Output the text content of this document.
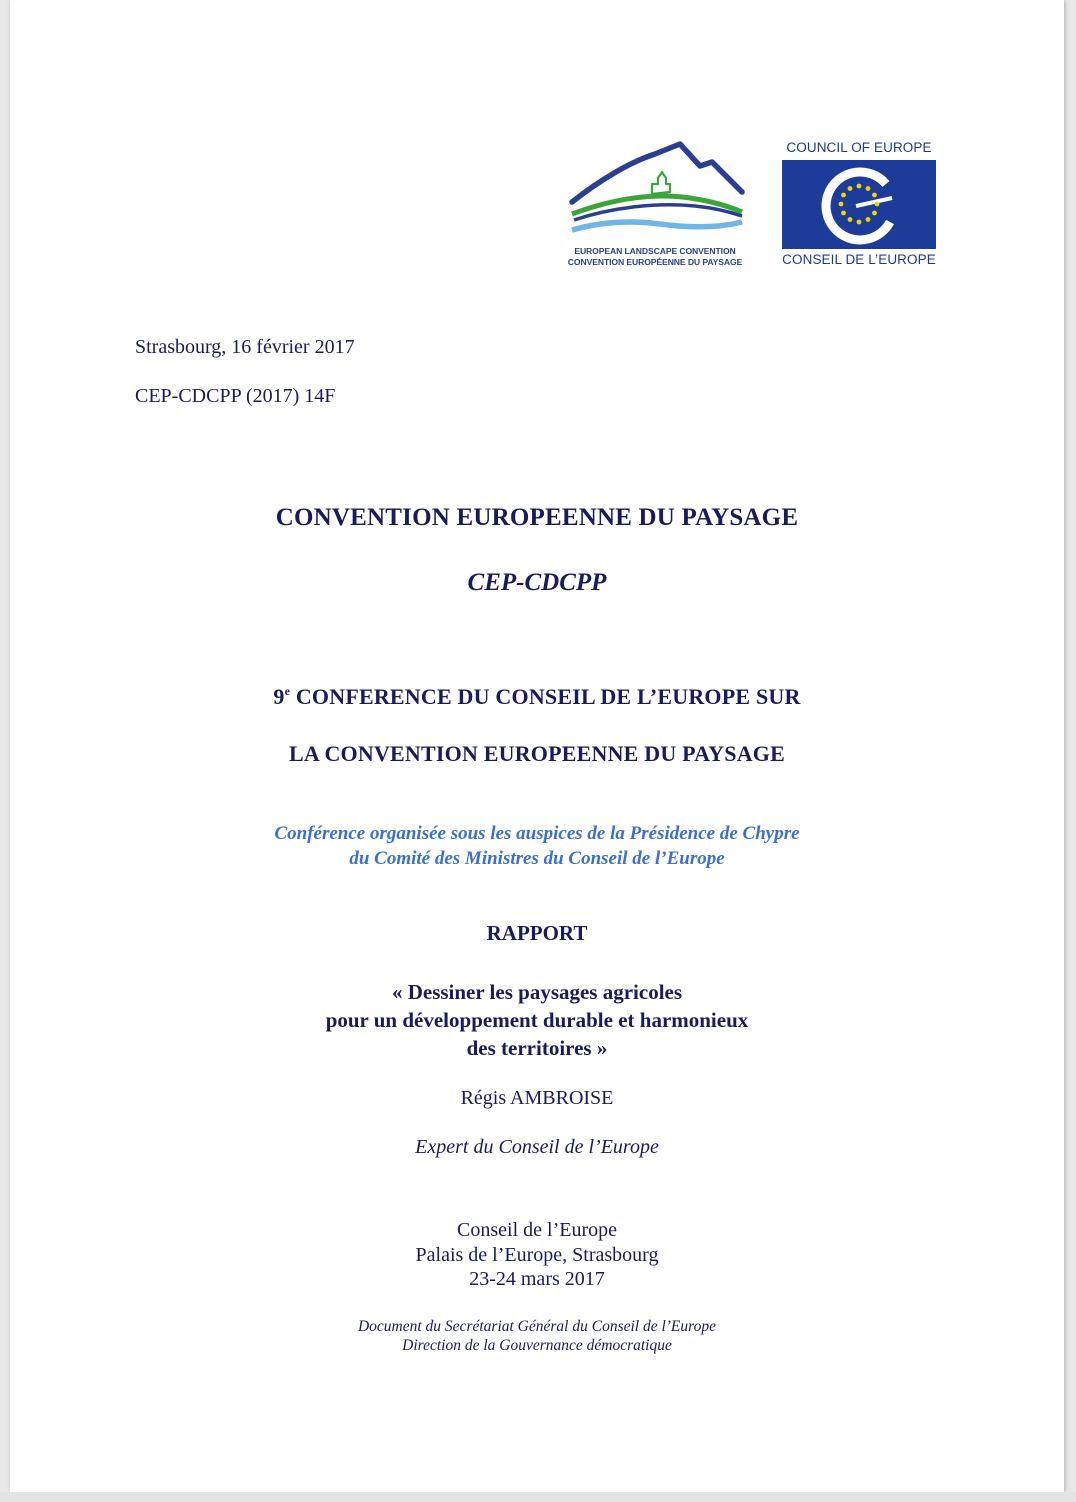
EUROPEAN LANDSCAPE CONVENTION
CONVENTION EUROPÉENNE DU PAYSAGE
COUNCIL OF EUROPE
CONSEIL DE L’EUROPE
Strasbourg, 16 février 2017
CEP-CDCPP (2017) 14F
CONVENTION EUROPEENNE DU PAYSAGE
CEP-CDCPP
9e CONFERENCE DU CONSEIL DE L’EUROPE SUR
LA CONVENTION EUROPEENNE DU PAYSAGE
Conférence organisée sous les auspices de la Présidence de Chypre
du Comité des Ministres du Conseil de l’Europe
RAPPORT
« Dessiner les paysages agricoles
pour un développement durable et harmonieux
des territoires »
Régis AMBROISE
Expert du Conseil de l’Europe
Conseil de l’Europe
Palais de l’Europe, Strasbourg
23-24 mars 2017
Document du Secrétariat Général du Conseil de l’Europe
Direction de la Gouvernance démocratique
